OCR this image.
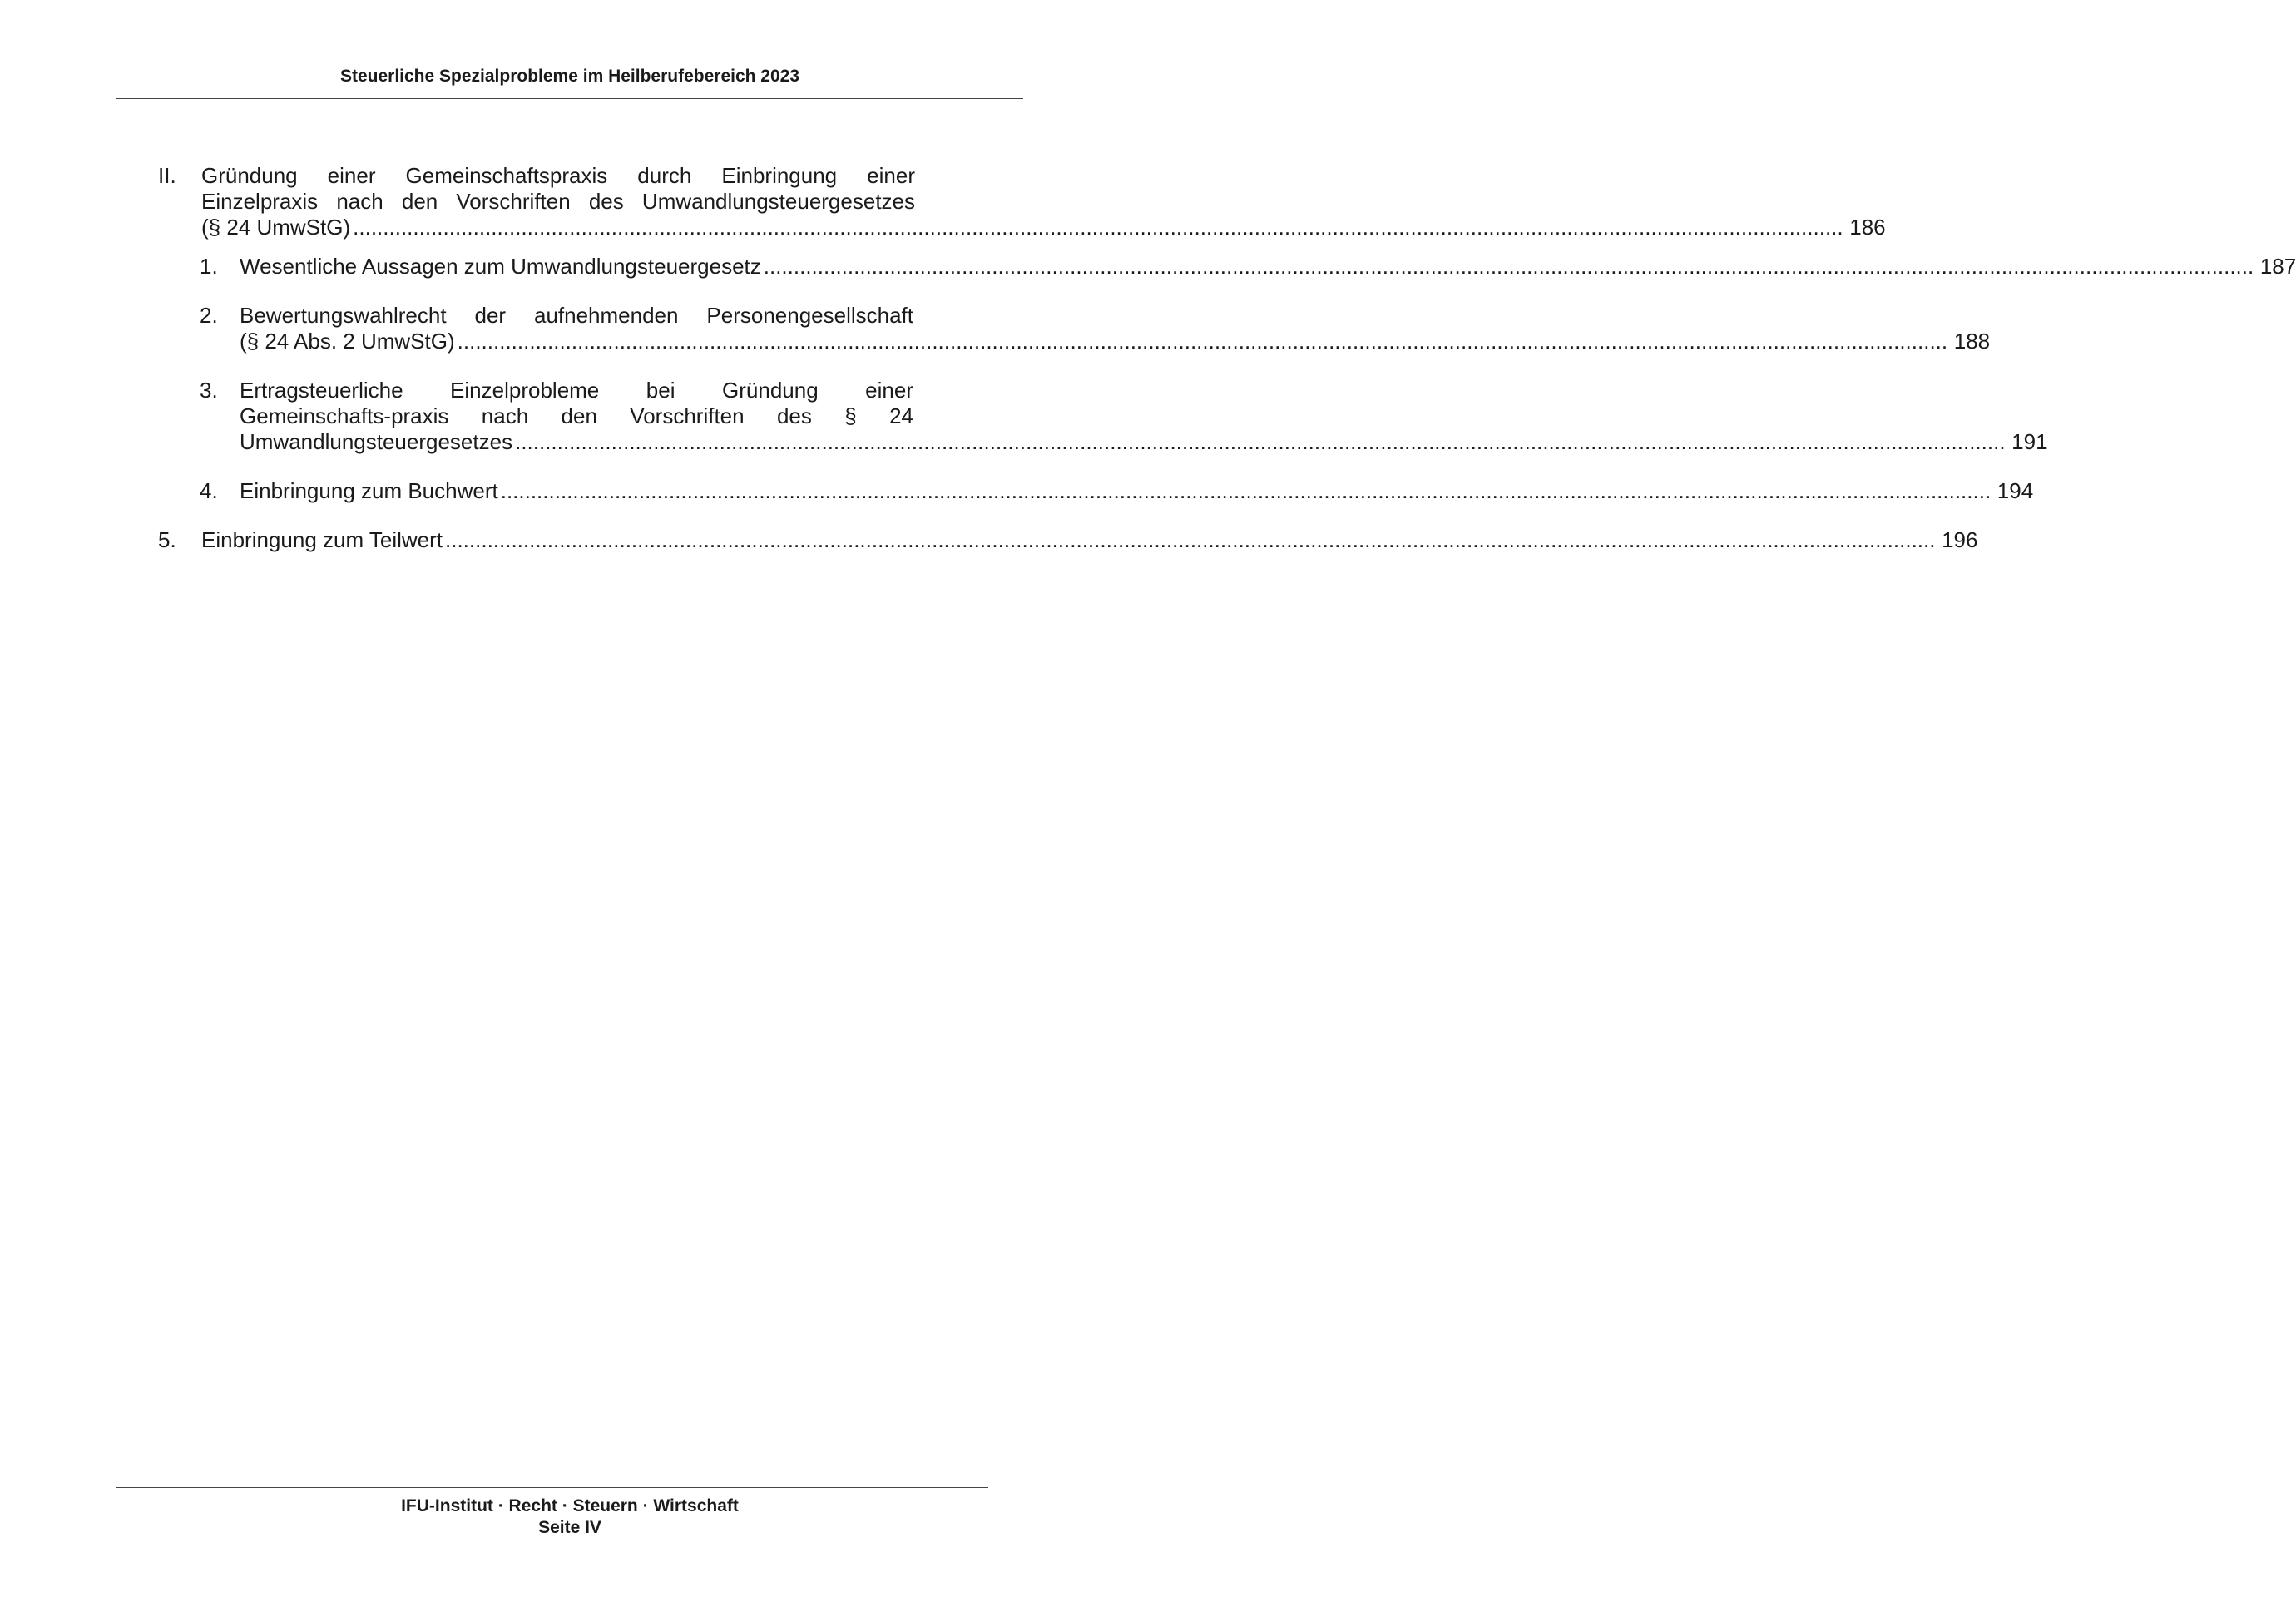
Steuerliche Spezialprobleme im Heilberufebereich 2023
II.	Gründung einer Gemeinschaftspraxis durch Einbringung einer
Einzelpraxis nach den Vorschriften des Umwandlungsteuergesetzes
(§ 24 UmwStG) .....	186
1.	Wesentliche Aussagen zum Umwandlungsteuergesetz .....	187
2.	Bewertungswahlrecht der aufnehmenden Personengesellschaft
(§ 24 Abs. 2 UmwStG) .....	188
3.	Ertragsteuerliche Einzelprobleme bei Gründung einer
Gemeinschafts-praxis nach den Vorschriften des § 24
Umwandlungsteuergesetzes .....	191
4.	Einbringung zum Buchwert .....	194
5.	Einbringung zum Teilwert .....	196
IFU-Institut · Recht · Steuern · Wirtschaft
Seite IV
